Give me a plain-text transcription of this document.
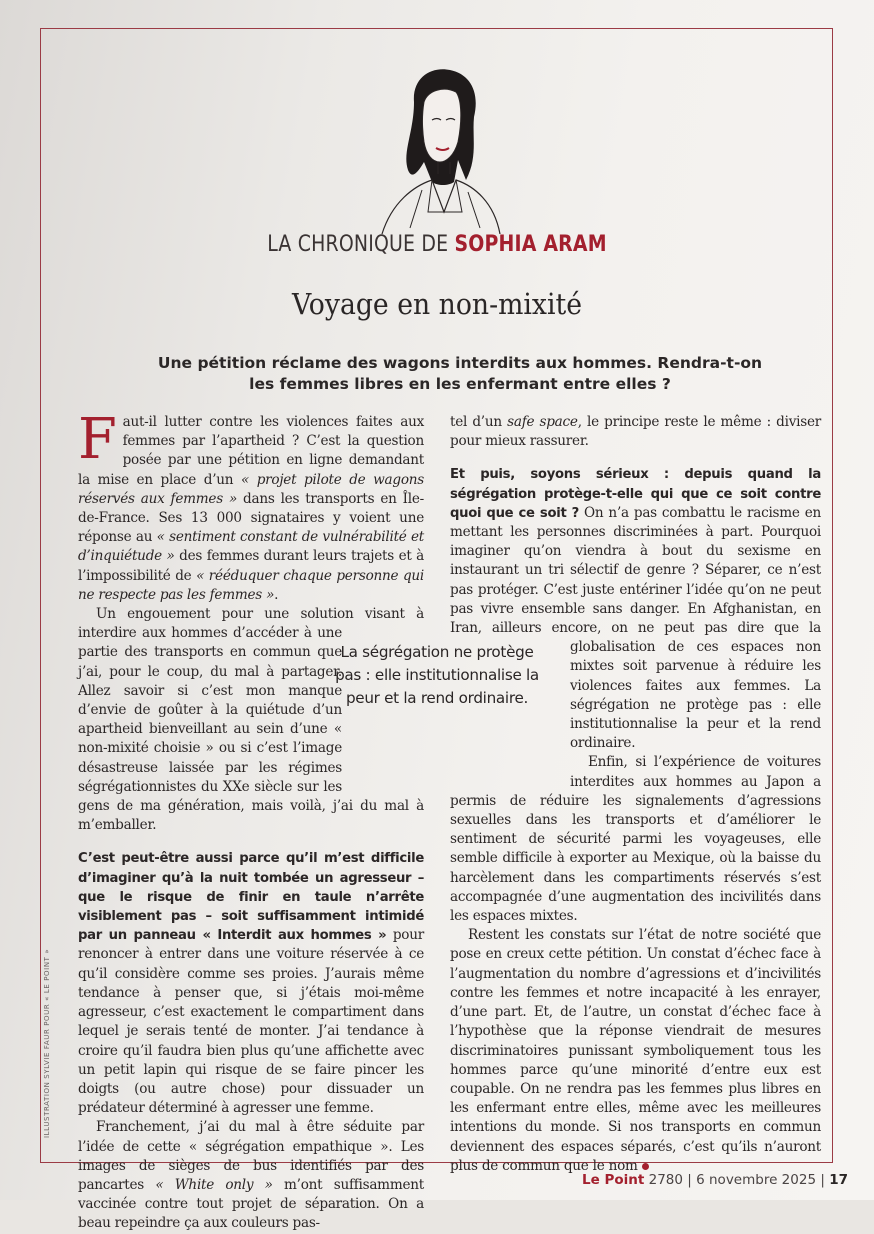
LA CHRONIQUE DE SOPHIA ARAM
Voyage en non-mixité
Une pétition réclame des wagons interdits aux hommes. Rendra-t-on les femmes libres en les enfermant entre elles ?

Faut-il lutter contre les violences faites aux femmes par l’apartheid ? C’est la question posée par une pétition en ligne demandant la mise en place d’un « projet pilote de wagons réservés aux femmes » dans les transports en Île-de-France. Ses 13 000 signataires y voient une réponse au « sentiment constant de vulnérabilité et d’inquiétude » des femmes durant leurs trajets et à l’impossibilité de « rééduquer chaque personne qui ne respecte pas les femmes ».

Un engouement pour une solution visant à interdire aux hommes d’accéder à une partie des transports en commun que j’ai, pour le coup, du mal à partager. Allez savoir si c’est mon manque d’envie de goûter à la quiétude d’un apartheid bienveillant au sein d’une « non-mixité choisie » ou si c’est l’image désastreuse laissée par les régimes ségrégationnistes du XXe siècle sur les gens de ma génération, mais voilà, j’ai du mal à m’emballer.

C’est peut-être aussi parce qu’il m’est difficile d’imaginer qu’à la nuit tombée un agresseur – que le risque de finir en taule n’arrête visiblement pas – soit suffisamment intimidé par un panneau « Interdit aux hommes » pour renoncer à entrer dans une voiture réservée à ce qu’il considère comme ses proies. J’aurais même tendance à penser que, si j’étais moi-même agresseur, c’est exactement le compartiment dans lequel je serais tenté de monter. J’ai tendance à croire qu’il faudra bien plus qu’une affichette avec un petit lapin qui risque de se faire pincer les doigts (ou autre chose) pour dissuader un prédateur déterminé à agresser une femme.

Franchement, j’ai du mal à être séduite par l’idée de cette « ségrégation empathique ». Les images de sièges de bus identifiés par des pancartes « White only » m’ont suffisamment vaccinée contre tout projet de séparation. On a beau repeindre ça aux couleurs pas-

La ségrégation ne protège pas : elle institutionnalise la peur et la rend ordinaire.

tel d’un safe space, le principe reste le même : diviser pour mieux rassurer.

Et puis, soyons sérieux : depuis quand la ségrégation protège-t-elle qui que ce soit contre quoi que ce soit ? On n’a pas combattu le racisme en mettant les personnes discriminées à part. Pourquoi imaginer qu’on viendra à bout du sexisme en instaurant un tri sélectif de genre ? Séparer, ce n’est pas protéger. C’est juste entériner l’idée qu’on ne peut pas vivre ensemble sans danger. En Afghanistan, en Iran, ailleurs encore, on ne peut pas dire que la globalisation de ces espaces non mixtes soit parvenue à réduire les violences faites aux femmes. La ségrégation ne protège pas : elle institutionnalise la peur et la rend ordinaire.

Enfin, si l’expérience de voitures interdites aux hommes au Japon a permis de réduire les signalements d’agressions sexuelles dans les transports et d’améliorer le sentiment de sécurité parmi les voyageuses, elle semble difficile à exporter au Mexique, où la baisse du harcèlement dans les compartiments réservés s’est accompagnée d’une augmentation des incivilités dans les espaces mixtes.

Restent les constats sur l’état de notre société que pose en creux cette pétition. Un constat d’échec face à l’augmentation du nombre d’agressions et d’incivilités contre les femmes et notre incapacité à les enrayer, d’une part. Et, de l’autre, un constat d’échec face à l’hypothèse que la réponse viendrait de mesures discriminatoires punissant symboliquement tous les hommes parce qu’une minorité d’entre eux est coupable. On ne rendra pas les femmes plus libres en les enfermant entre elles, même avec les meilleures intentions du monde. Si nos transports en commun deviennent des espaces séparés, c’est qu’ils n’auront plus de commun que le nom

ILLUSTRATION SYLVIE FAUR POUR « LE POINT »
Le Point 2780 | 6 novembre 2025 | 17
